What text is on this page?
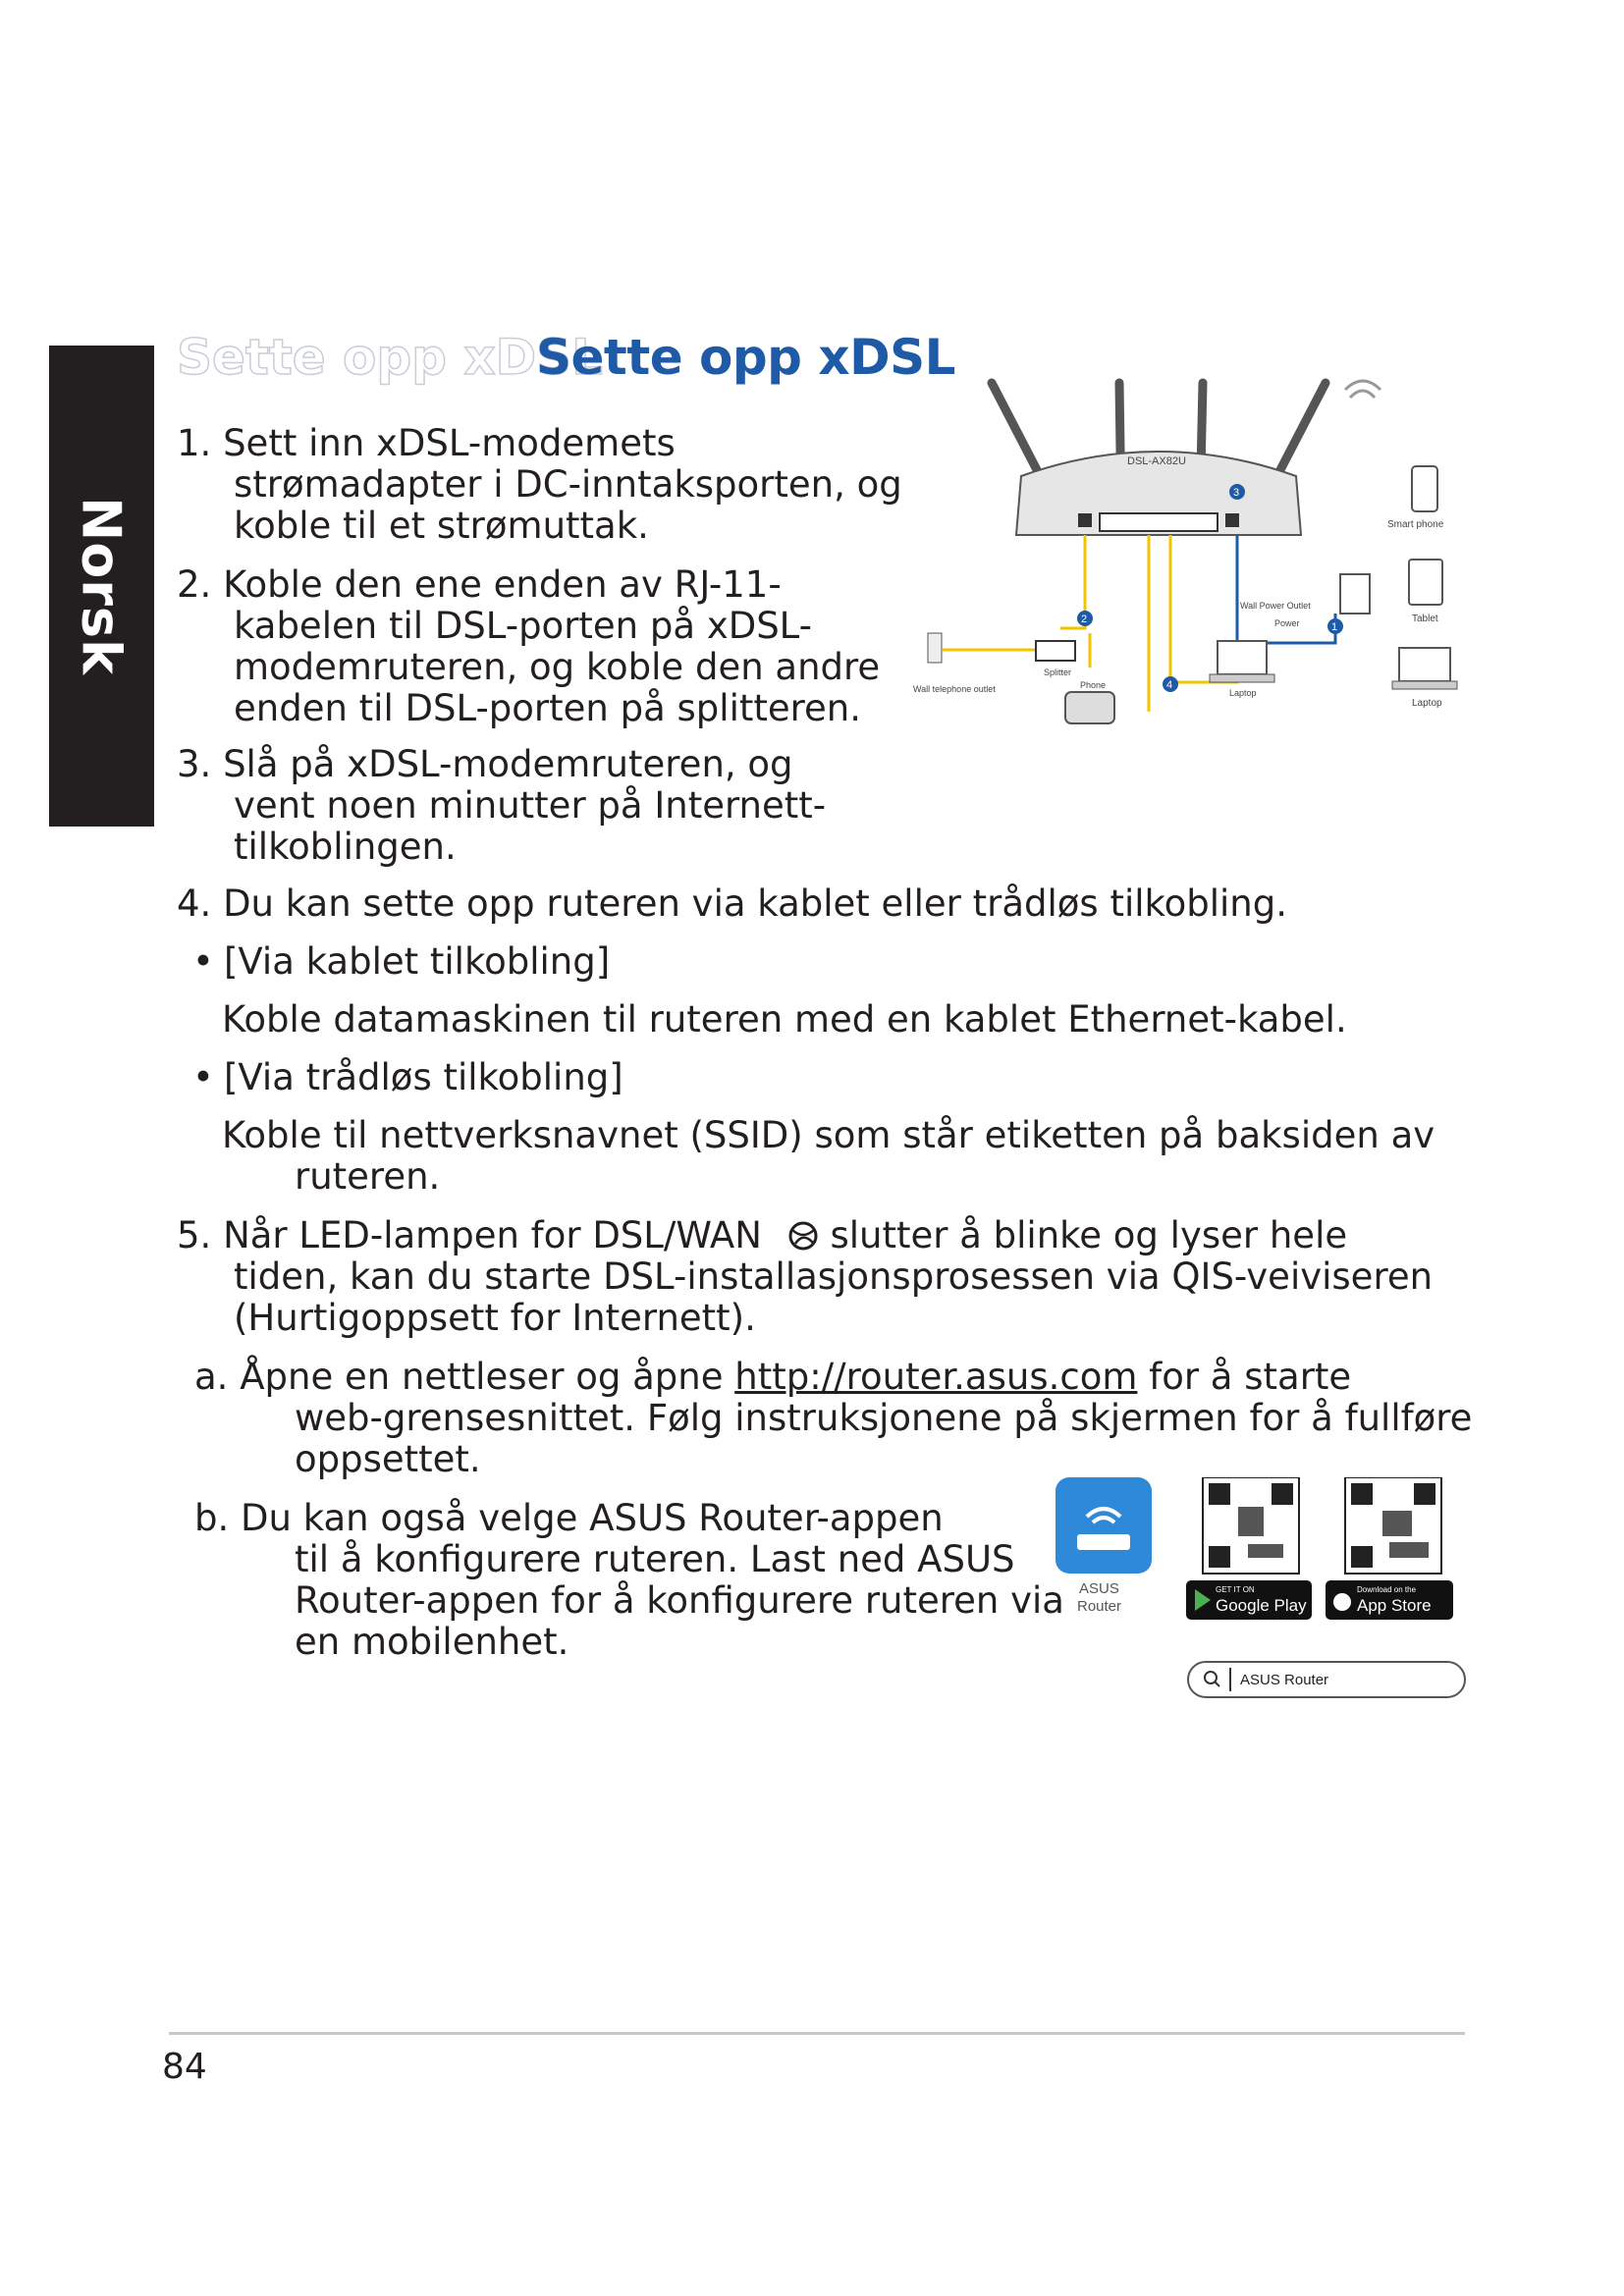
Norsk
Sette opp xDSL
Sette opp xDSL
1. Sett inn xDSL-modemets
strømadapter i DC-inntaksporten, og
koble til et strømuttak.
2. Koble den ene enden av RJ-11-
kabelen til DSL-porten på xDSL-
modemruteren, og koble den andre
enden til DSL-porten på splitteren.
3. Slå på xDSL-modemruteren, og
vent noen minutter på Internett-
tilkoblingen.
4. Du kan sette opp ruteren via kablet eller trådløs tilkobling.
• [Via kablet tilkobling]
Koble datamaskinen til ruteren med en kablet Ethernet-kabel.
• [Via trådløs tilkobling]
Koble til nettverksnavnet (SSID) som står etiketten på baksiden av
ruteren.
5. Når LED-lampen for DSL/WAN slutter å blinke og lyser hele
tiden, kan du starte DSL-installasjonsprosessen via QIS-veiviseren
(Hurtigoppsett for Internett).
a. Åpne en nettleser og åpne http://router.asus.com for å starte
web-grensesnittet. Følg instruksjonene på skjermen for å fullføre
oppsettet.
b. Du kan også velge ASUS Router-appen
til å konfigurere ruteren. Last ned ASUS
Router-appen for å konfigurere ruteren via
en mobilenhet.
DSL-AX82U
Splitter
Wall telephone outlet	Phone
Wall Power Outlet
Power
Laptop
Smart phone
Tablet
Laptop
3
2
4
1
ASUS
Router
GET IT ON
Google Play
Download on the
App Store
ASUS Router
84
